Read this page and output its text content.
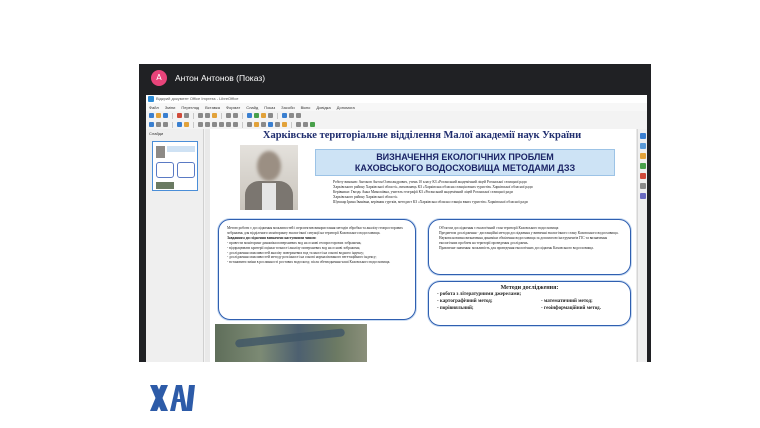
А	Антон Антонов (Показ)
Відкрий документ Office Impress - LibreOffice
Файл Зміни Перегляд Вставка Формат Слайд Показ Засоби Вікно Довідка Допомога
Слайди	Харківське територіальне відділення Малої академії наук України
ВИЗНАЧЕННЯ ЕКОЛОГІЧНИХ ПРОБЛЕМ
КАХОВСЬКОГО ВОДОСХОВИЩА МЕТОДАМИ ДЗЗ
Роботу виконав: Антонов Антон Олександрович, учень 10 класу КЗ «Роганський академічний ліцей Роганської селищної ради
Харківського району Харківської області», вихованець КЗ «Харківська обласна станція юних туристів» Харківської обласної ради
Керівники: Гвоздь Анна Миколаївна, учитель географії КЗ «Роганський академічний ліцей Роганської селищної ради
Харківського району Харківської області»
Шушкар Ірина Іванівна, керівник гуртків, методист КЗ «Харківська обласна станція юних туристів» Харківської обласної ради
Метою роботи є дослідження можливостей і перспектив використання методів обробки та аналізу геопросторових зображень для відділеного моніторингу екологічної ситуації на території Каховського водосховища.
Завданням дослідження визначено наступними чином:
- провести моніторинг динаміки поверхневих вод на основі геопросторових зображень;
- відпрацювати критерії оцінки точності аналізу поверхневих вод на основі зображень;
- дослідження можливостей аналізу поверхневих вод та якості на основі водного індексу;
- дослідження можливостей методу розсіяності на основі нормалізованого вегетаційного індексу;
- встановити зміни в рослинності ростових водоскоху, після обезводнення чаші Каховського водосховища.
Об'єктом дослідження є екологічний стан території Каховського водосховища
Предметом дослідження - дистанційні методи дослідження у вивченні екологічного стану Каховського водосховища.
Наукова новизна визначення динаміки обмілення водосховища за допомогою інструментів ГІС та визначення екологічних проблем на території проведення досліджень.
Практичне значення: можливість для проведення екологічних досліджень Каховського водосховища.
Методи дослідження:
- робота з літературними джерелами;
- картографічний метод;	- математичний метод;
- порівняльний;	- геоінформаційний метод.
